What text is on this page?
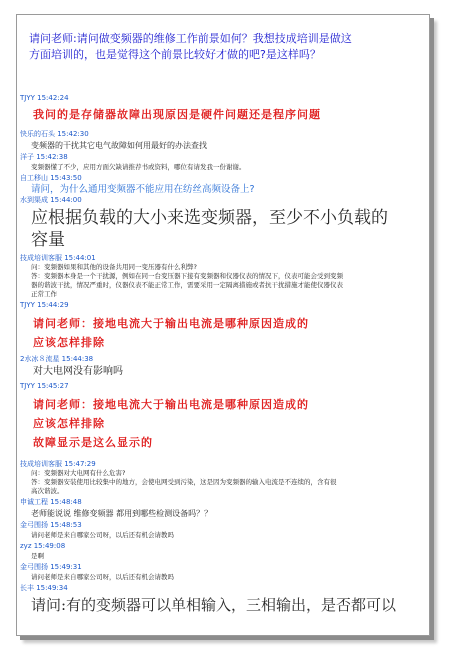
请问老师:请问做变频器的维修工作前景如何？我想技成培训是做这
方面培训的，也是觉得这个前景比较好才做的吧?是这样吗？
TJYY 15:42:24
我问的是存储器故障出现原因是硬件问题还是程序问题
快乐的石头 15:42:30
变频器的干扰其它电气故障如何用最好的办法查找
洋子 15:42:38
变频器懂了不少，应用方面欠缺请推荐书或资料，哪位有请发我一份谢谢。
自工移山 15:43:50
请问，为什么通用变频器不能应用在纺丝高频设备上?
水到渠成 15:44:00
应根据负载的大小来选变频器，至少不小负载的
容量
技成培训客服 15:44:01
问：变频器如果和其他的设备共用同一变压器有什么利弊?
答：变频器本身是一个干扰源，例如在同一台变压器下接有变频器和仪器仪表的情况下，仪表可能会受到变频
器的谐波干扰，情况严重时，仪器仪表不能正常工作，需要采用一定隔离措施或者抗干扰措施才能使仪器仪表
正常工作
TJYY 15:44:29
请问老师：接地电流大于输出电流是哪种原因造成的
应该怎样排除
2水冰８流星 15:44:38
对大电网没有影响吗
TJYY 15:45:27
请问老师：接地电流大于输出电流是哪种原因造成的
应该怎样排除
故障显示是这么显示的
技成培训客服 15:47:29
问：变频器对大电网有什么危害?
答：变频器安装使用比较集中的地方，会使电网受到污染，这是因为变频器的输入电流是不连续的，含有很
高次谐波。
申诚工程 15:48:48
老师能说说 维修变频器 都用到哪些检测设备吗？？
金弓围扬 15:48:53
请问老师是来自哪家公司呀，以后还有机会请教吗
zyz 15:49:08
是啊
金弓围扬 15:49:31
请问老师是来自哪家公司呀，以后还有机会请教吗
长丰 15:49:34
请问:有的变频器可以单相输入，三相输出，是否都可以
